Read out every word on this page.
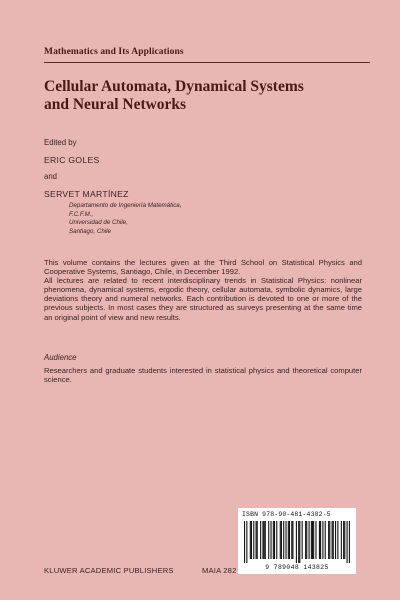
Mathematics and Its Applications
Cellular Automata, Dynamical Systems
and Neural Networks
Edited by
ERIC GOLES
and
SERVET MARTÍNEZ
Departamento de Ingeniería Matemática,
F.C.F.M.,
Universidad de Chile,
Santiago, Chile

This volume contains the lectures given at the Third School on Statistical Physics and Cooperative Systems, Santiago, Chile, in December 1992.

All lectures are related to recent interdisciplinary trends in Statistical Physics: nonlinear phenomena, dynamical systems, ergodic theory, cellular automata, symbolic dynamics, large deviations theory and numeral networks. Each contribution is devoted to one or more of the previous subjects. In most cases they are structured as surveys presenting at the same time an original point of view and new results.

Audience

Researchers and graduate students interested in statistical physics and theoretical computer science.

ISBN 978-90-481-4382-5
9 789048 143825
KLUWER ACADEMIC PUBLISHERS	MAIA 282
